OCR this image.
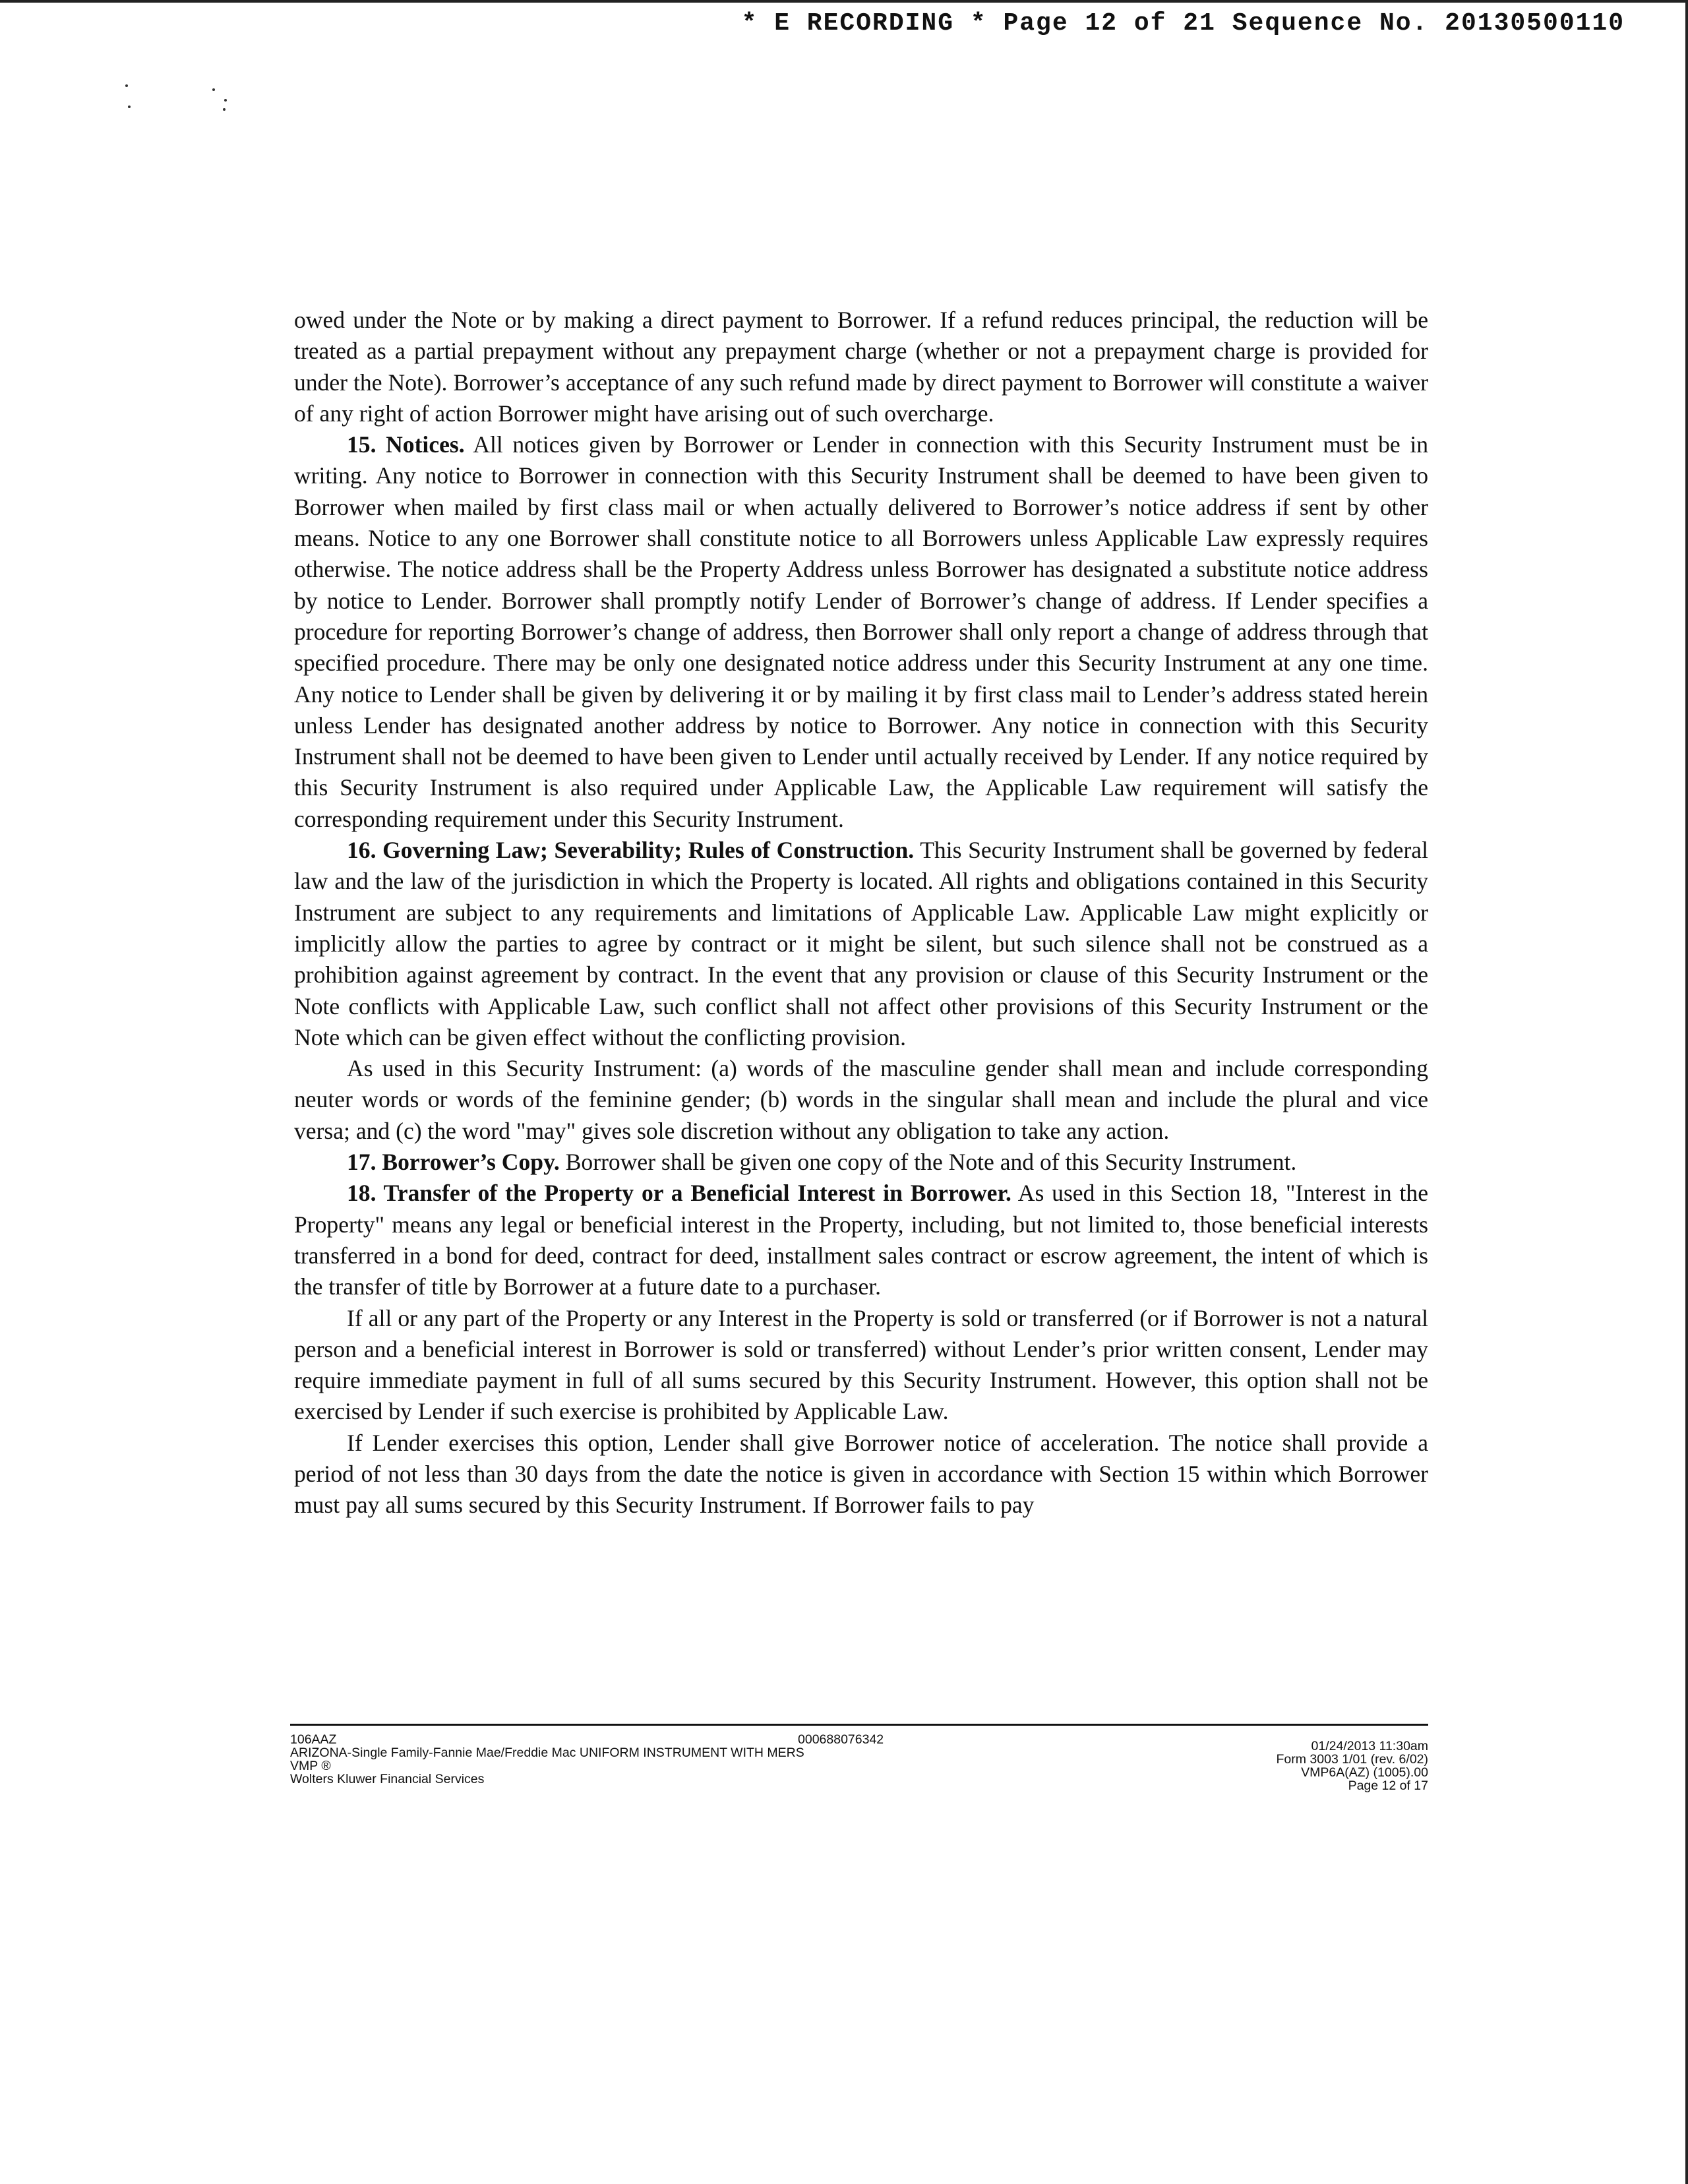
* E RECORDING * Page 12 of 21 Sequence No. 20130500110

owed under the Note or by making a direct payment to Borrower. If a refund reduces principal, the reduction will be treated as a partial prepayment without any prepayment charge (whether or not a prepayment charge is provided for under the Note). Borrower’s acceptance of any such refund made by direct payment to Borrower will constitute a waiver of any right of action Borrower might have arising out of such overcharge.

15. Notices. All notices given by Borrower or Lender in connection with this Security Instrument must be in writing. Any notice to Borrower in connection with this Security Instrument shall be deemed to have been given to Borrower when mailed by first class mail or when actually delivered to Borrower’s notice address if sent by other means. Notice to any one Borrower shall constitute notice to all Borrowers unless Applicable Law expressly requires otherwise. The notice address shall be the Property Address unless Borrower has designated a substitute notice address by notice to Lender. Borrower shall promptly notify Lender of Borrower’s change of address. If Lender specifies a procedure for reporting Borrower’s change of address, then Borrower shall only report a change of address through that specified procedure. There may be only one designated notice address under this Security Instrument at any one time. Any notice to Lender shall be given by delivering it or by mailing it by first class mail to Lender’s address stated herein unless Lender has designated another address by notice to Borrower. Any notice in connection with this Security Instrument shall not be deemed to have been given to Lender until actually received by Lender. If any notice required by this Security Instrument is also required under Applicable Law, the Applicable Law requirement will satisfy the corresponding requirement under this Security Instrument.

16. Governing Law; Severability; Rules of Construction. This Security Instrument shall be governed by federal law and the law of the jurisdiction in which the Property is located. All rights and obligations contained in this Security Instrument are subject to any requirements and limitations of Applicable Law. Applicable Law might explicitly or implicitly allow the parties to agree by contract or it might be silent, but such silence shall not be construed as a prohibition against agreement by contract. In the event that any provision or clause of this Security Instrument or the Note conflicts with Applicable Law, such conflict shall not affect other provisions of this Security Instrument or the Note which can be given effect without the conflicting provision.

As used in this Security Instrument: (a) words of the masculine gender shall mean and include corresponding neuter words or words of the feminine gender; (b) words in the singular shall mean and include the plural and vice versa; and (c) the word "may" gives sole discretion without any obligation to take any action.

17. Borrower’s Copy. Borrower shall be given one copy of the Note and of this Security Instrument.

18. Transfer of the Property or a Beneficial Interest in Borrower. As used in this Section 18, "Interest in the Property" means any legal or beneficial interest in the Property, including, but not limited to, those beneficial interests transferred in a bond for deed, contract for deed, installment sales contract or escrow agreement, the intent of which is the transfer of title by Borrower at a future date to a purchaser.

If all or any part of the Property or any Interest in the Property is sold or transferred (or if Borrower is not a natural person and a beneficial interest in Borrower is sold or transferred) without Lender’s prior written consent, Lender may require immediate payment in full of all sums secured by this Security Instrument. However, this option shall not be exercised by Lender if such exercise is prohibited by Applicable Law.

If Lender exercises this option, Lender shall give Borrower notice of acceleration. The notice shall provide a period of not less than 30 days from the date the notice is given in accordance with Section 15 within which Borrower must pay all sums secured by this Security Instrument. If Borrower fails to pay

106AAZ
ARIZONA-Single Family-Fannie Mae/Freddie Mac UNIFORM INSTRUMENT WITH MERS
VMP ®
Wolters Kluwer Financial Services
000688076342	01/24/2013 11:30am
Form 3003 1/01 (rev. 6/02)
VMP6A(AZ) (1005).00
Page 12 of 17
